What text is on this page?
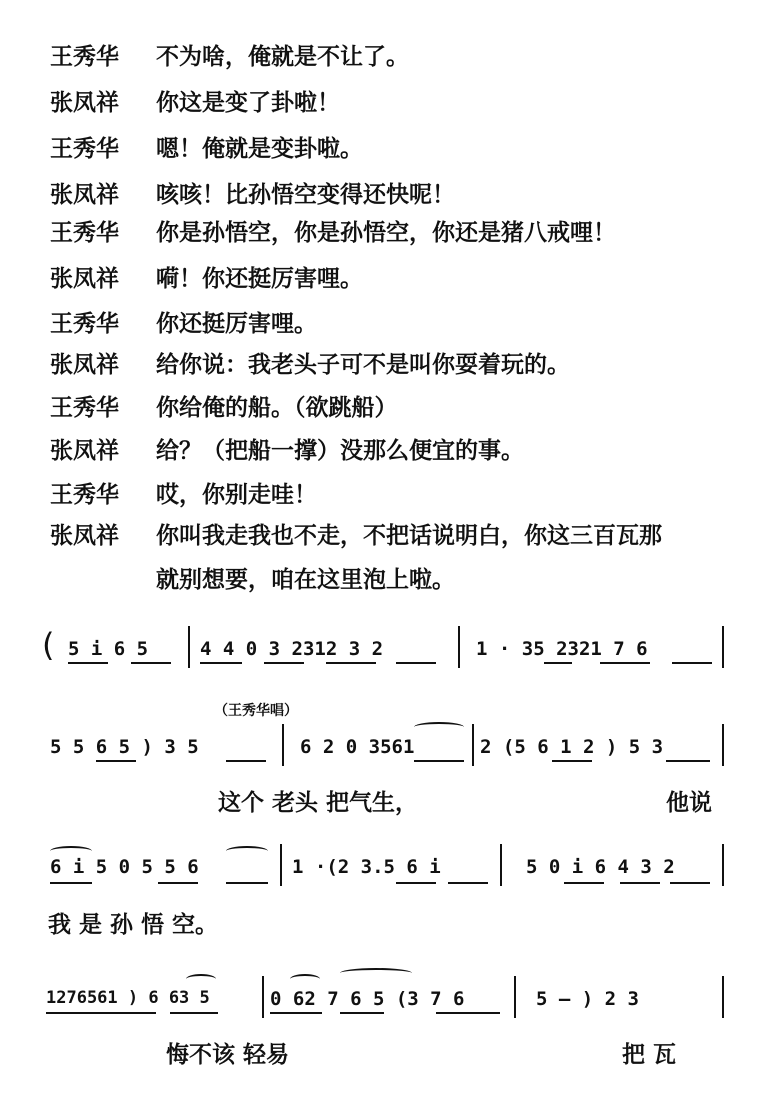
王秀华 不为啥，俺就是不让了。
张凤祥 你这是变了卦啦！
王秀华 嗯！俺就是变卦啦。
张凤祥 咳咳！比孙悟空变得还快呢！
王秀华 你是孙悟空，你是孙悟空，你还是猪八戒哩！
张凤祥 嗬！你还挺厉害哩。
王秀华 你还挺厉害哩。
张凤祥 给你说：我老头子可不是叫你耍着玩的。
王秀华 你给俺的船。（欲跳船）
张凤祥 给？（把船一撑）没那么便宜的事。
王秀华 哎，你别走哇！
张凤祥 你叫我走我也不走，不把话说明白，你这三百瓦那
就别想要，咱在这里泡上啦。
( 5 i 6 5	4 4 0 3 2312 3 2	1 · 35 2321 7 6
（王秀华唱）
5 5 6 5 ) 3 5	6 2 0 3561	2 (5 6 1 2 ) 5 3
这个 老头 把气生，	他说
6 i 5 0 5 5 6	1 ·(2 3.5 6 i	5 0 i 6 4 3 2
我 是 孙 悟 空。
1276561 ) 6 63 5	0 62 7 6 5 (3 7 6	5 — ) 2 3
悔不该 轻易	把 瓦
